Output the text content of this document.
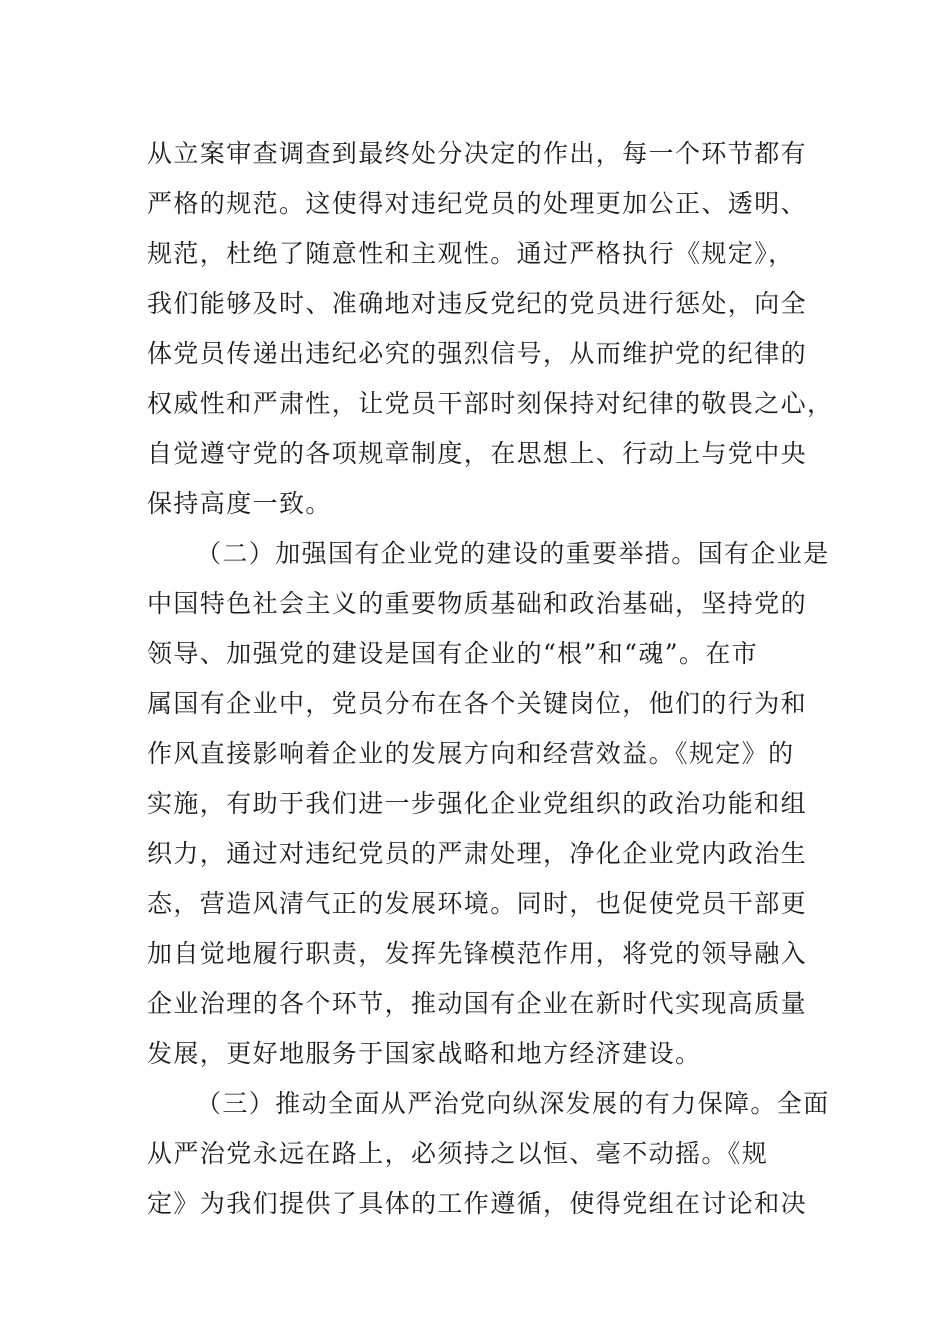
从立案审查调查到最终处分决定的作出，每一个环节都有

严格的规范。这使得对违纪党员的处理更加公正、透明、

规范，杜绝了随意性和主观性。通过严格执行《规定》，

我们能够及时、准确地对违反党纪的党员进行惩处，向全

体党员传递出违纪必究的强烈信号，从而维护党的纪律的

权威性和严肃性，让党员干部时刻保持对纪律的敬畏之心，

自觉遵守党的各项规章制度，在思想上、行动上与党中央

保持高度一致。

（二）加强国有企业党的建设的重要举措。国有企业是

中国特色社会主义的重要物质基础和政治基础，坚持党的

领导、加强党的建设是国有企业的“根”和“魂”。在市

属国有企业中，党员分布在各个关键岗位，他们的行为和

作风直接影响着企业的发展方向和经营效益。《规定》的

实施，有助于我们进一步强化企业党组织的政治功能和组

织力，通过对违纪党员的严肃处理，净化企业党内政治生

态，营造风清气正的发展环境。同时，也促使党员干部更

加自觉地履行职责，发挥先锋模范作用，将党的领导融入

企业治理的各个环节，推动国有企业在新时代实现高质量

发展，更好地服务于国家战略和地方经济建设。

（三）推动全面从严治党向纵深发展的有力保障。全面

从严治党永远在路上，必须持之以恒、毫不动摇。《规

定》为我们提供了具体的工作遵循，使得党组在讨论和决
